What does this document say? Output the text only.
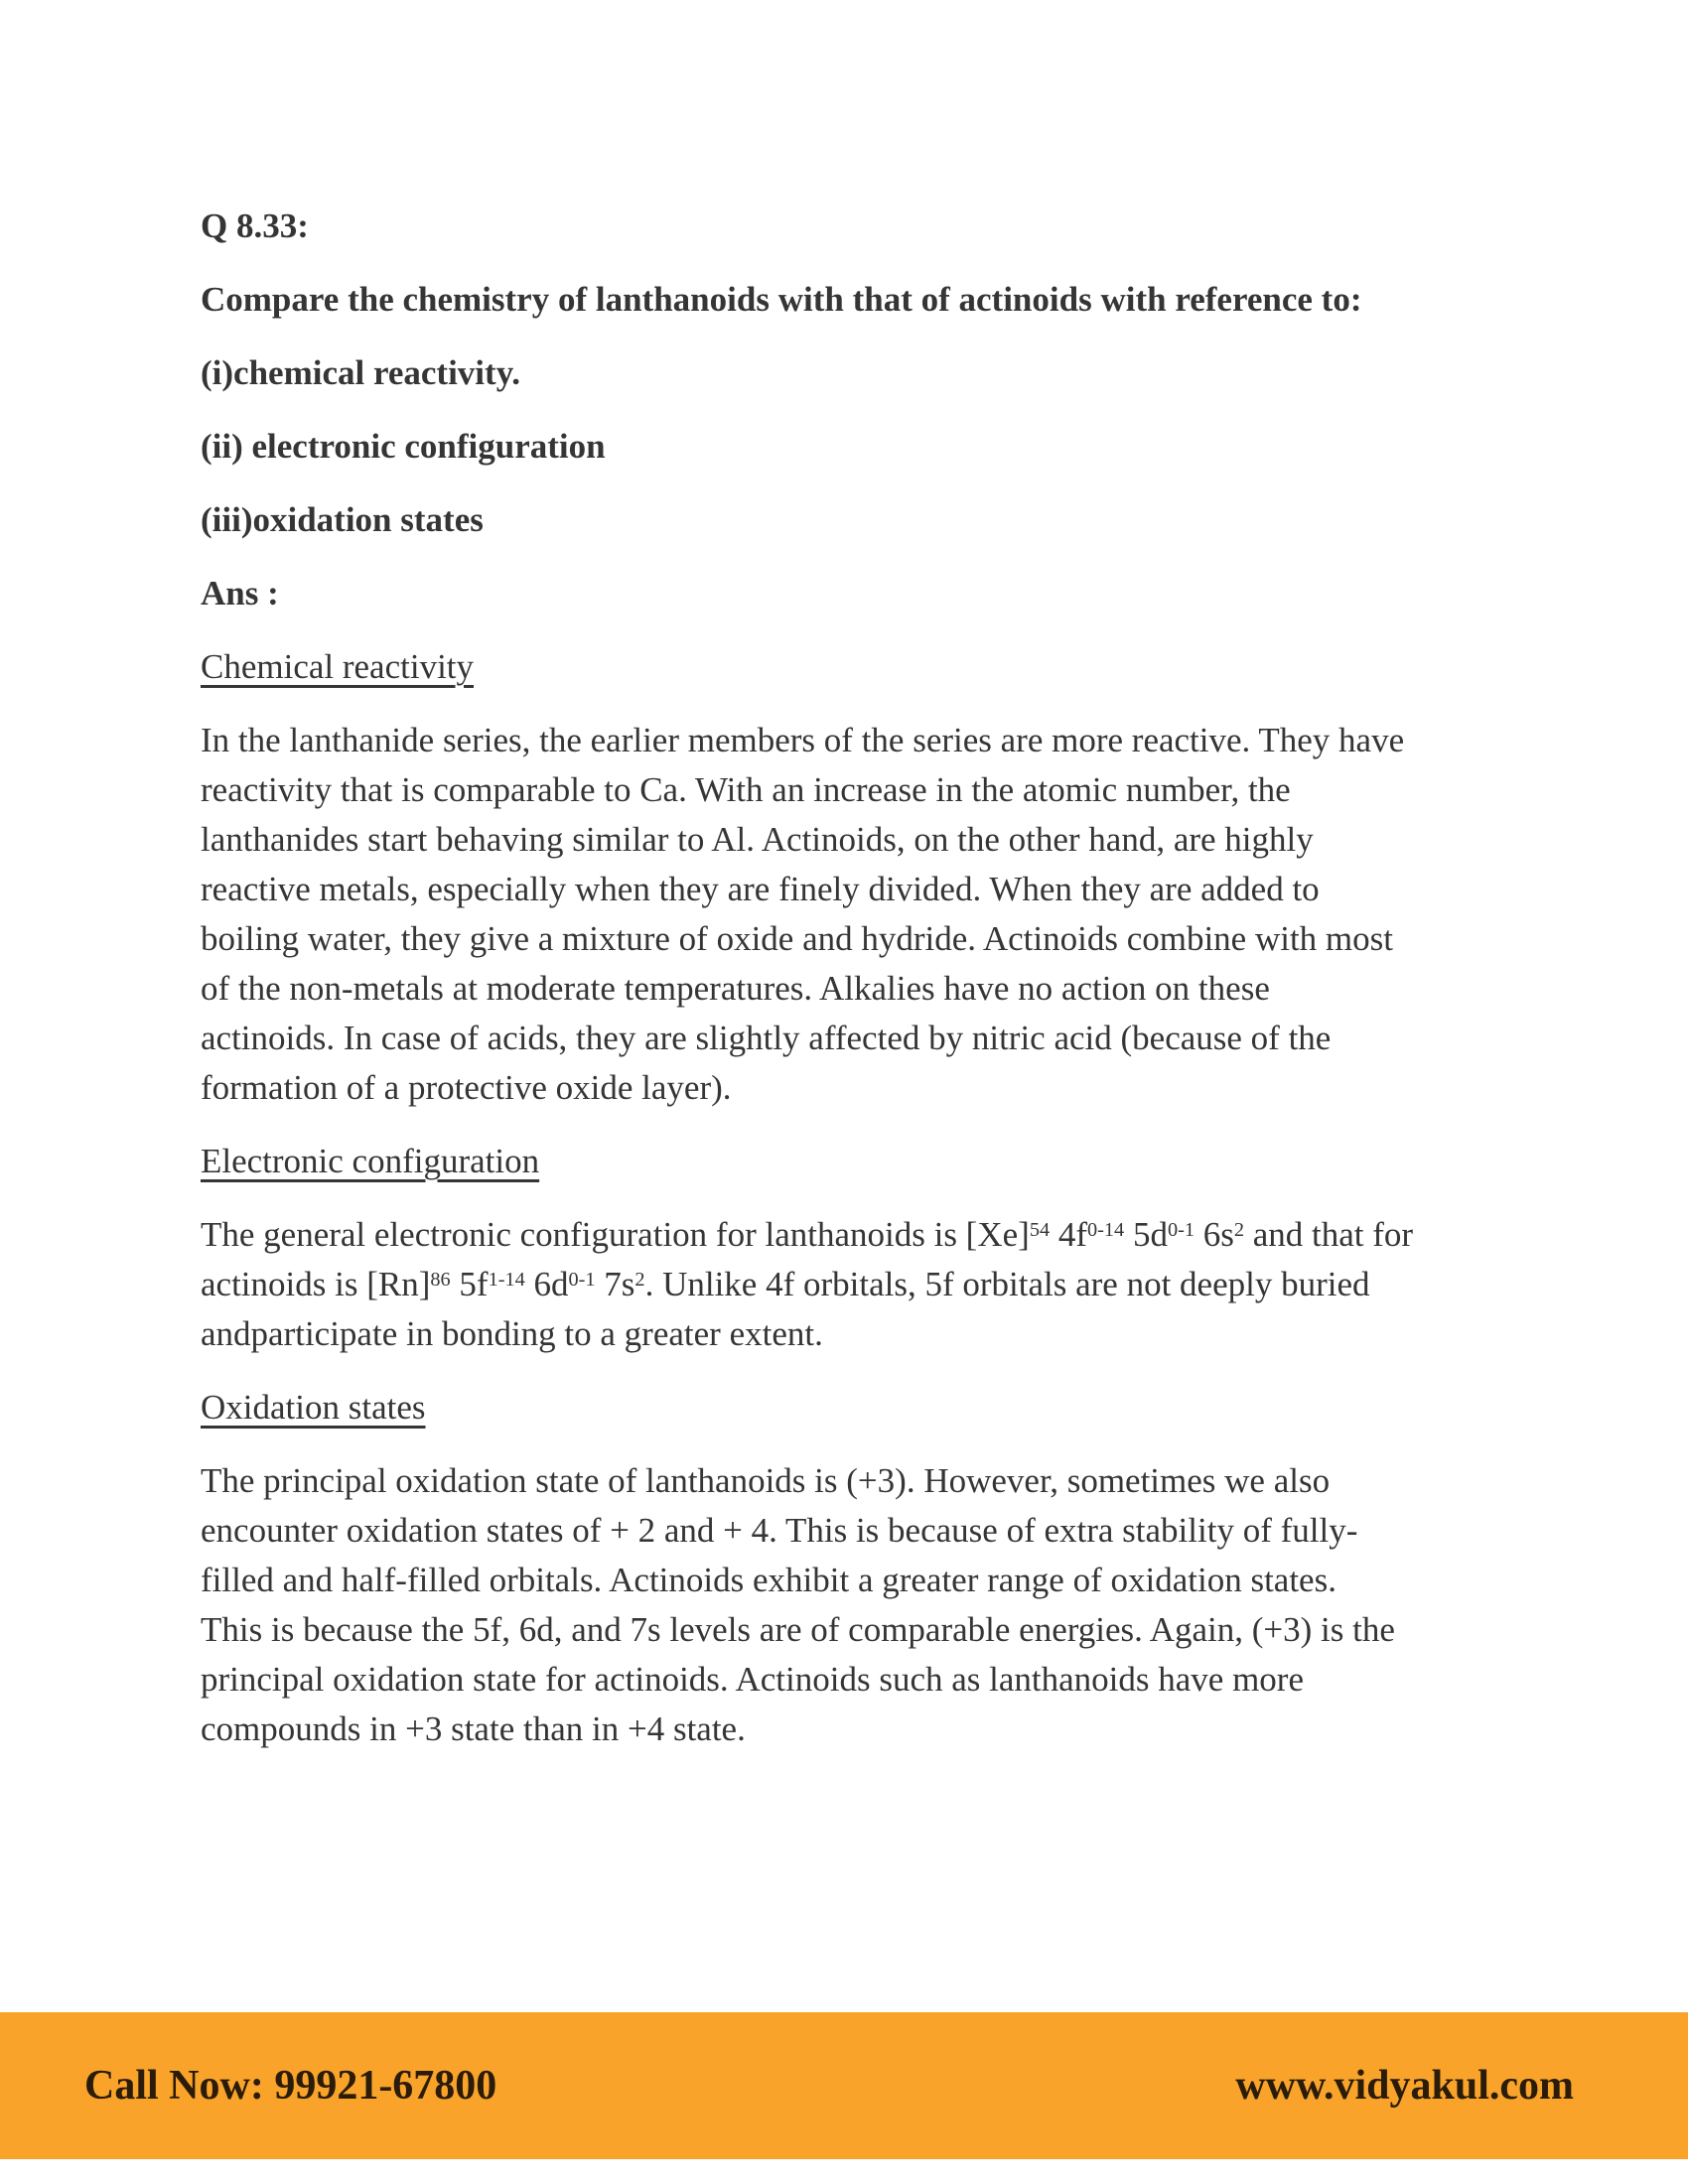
Q 8.33:

Compare the chemistry of lanthanoids with that of actinoids with reference to:

(i)chemical reactivity.

(ii) electronic configuration

(iii)oxidation states

Ans :

Chemical reactivity

In the lanthanide series, the earlier members of the series are more reactive. They have
reactivity that is comparable to Ca. With an increase in the atomic number, the
lanthanides start behaving similar to Al. Actinoids, on the other hand, are highly
reactive metals, especially when they are finely divided. When they are added to
boiling water, they give a mixture of oxide and hydride. Actinoids combine with most
of the non-metals at moderate temperatures. Alkalies have no action on these
actinoids. In case of acids, they are slightly affected by nitric acid (because of the
formation of a protective oxide layer).

Electronic configuration

The general electronic configuration for lanthanoids is $[Xe]^{54}$ $4f^{0-14}$ $5d^{0-1}$ $6s^2$ and that for
actinoids is $[Rn]^{86}$ $5f^{1-14}$ $6d^{0-1}$ $7s^2$. Unlike 4f orbitals, 5f orbitals are not deeply buried
andparticipate in bonding to a greater extent.

Oxidation states

The principal oxidation state of lanthanoids is (+3). However, sometimes we also
encounter oxidation states of + 2 and + 4. This is because of extra stability of fully-
filled and half-filled orbitals. Actinoids exhibit a greater range of oxidation states.
This is because the 5f, 6d, and 7s levels are of comparable energies. Again, (+3) is the
principal oxidation state for actinoids. Actinoids such as lanthanoids have more
compounds in +3 state than in +4 state.

Call Now: 99921-67800	www.vidyakul.com
